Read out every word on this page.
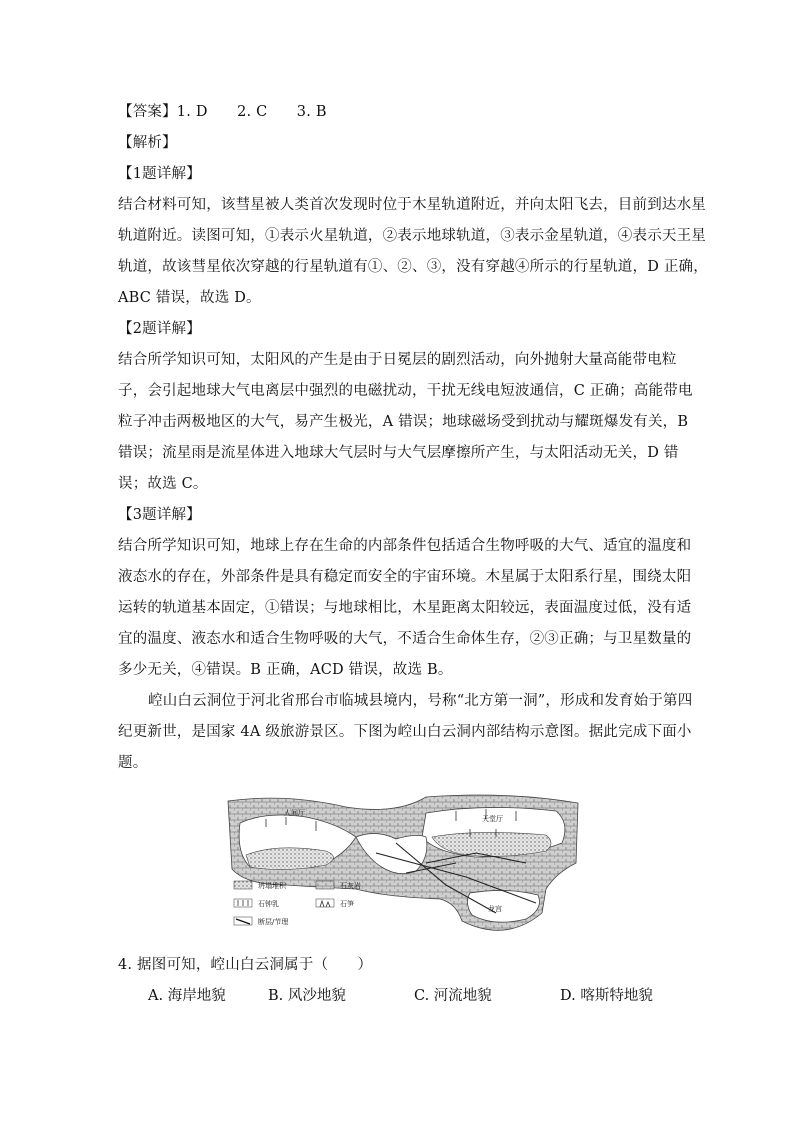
【答案】1. D　　2. C　　3. B
【解析】
【1题详解】
结合材料可知，该彗星被人类首次发现时位于木星轨道附近，并向太阳飞去，目前到达水星
轨道附近。读图可知，①表示火星轨道，②表示地球轨道，③表示金星轨道，④表示天王星
轨道，故该彗星依次穿越的行星轨道有①、②、③，没有穿越④所示的行星轨道，D 正确，
ABC 错误，故选 D。
【2题详解】
结合所学知识可知，太阳风的产生是由于日冕层的剧烈活动，向外抛射大量高能带电粒
子，会引起地球大气电离层中强烈的电磁扰动，干扰无线电短波通信，C 正确；高能带电
粒子冲击两极地区的大气，易产生极光，A 错误；地球磁场受到扰动与耀斑爆发有关，B
错误；流星雨是流星体进入地球大气层时与大气层摩擦所产生，与太阳活动无关，D 错
误；故选 C。
【3题详解】
结合所学知识可知，地球上存在生命的内部条件包括适合生物呼吸的大气、适宜的温度和
液态水的存在，外部条件是具有稳定而安全的宇宙环境。木星属于太阳系行星，围绕太阳
运转的轨道基本固定，①错误；与地球相比，木星距离太阳较远，表面温度过低，没有适
宜的温度、液态水和适合生物呼吸的大气，不适合生命体生存，②③正确；与卫星数量的
多少无关，④错误。B 正确，ACD 错误，故选 B。
崆山白云洞位于河北省邢台市临城县境内，号称“北方第一洞”，形成和发育始于第四
纪更新世，是国家 4A 级旅游景区。下图为崆山白云洞内部结构示意图。据此完成下面小
题。
人间厅
天堂厅
龙宫
坍塌堆积	石灰岩
石钟乳	石笋
断层/节理
4. 据图可知，崆山白云洞属于（　　）
A. 海岸地貌	B. 风沙地貌	C. 河流地貌	D. 喀斯特地貌
